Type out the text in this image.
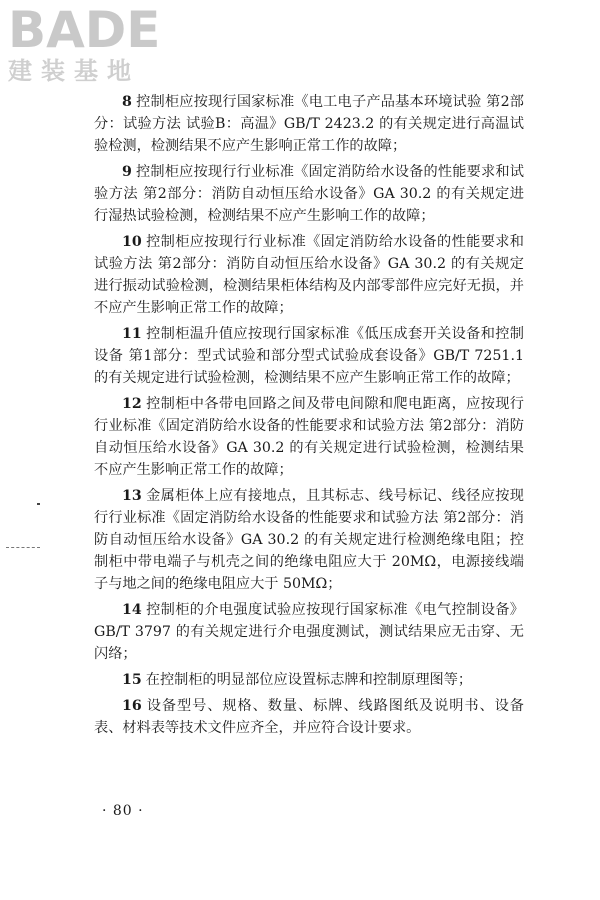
BADE
建装基地

8 控制柜应按现行国家标准《电工电子产品基本环境试验 第2部分：试验方法 试验B：高温》GB/T 2423.2 的有关规定进行高温试验检测，检测结果不应产生影响正常工作的故障；

9 控制柜应按现行行业标准《固定消防给水设备的性能要求和试验方法 第2部分：消防自动恒压给水设备》GA 30.2 的有关规定进行湿热试验检测，检测结果不应产生影响工作的故障；

10 控制柜应按现行行业标准《固定消防给水设备的性能要求和试验方法 第2部分：消防自动恒压给水设备》GA 30.2 的有关规定进行振动试验检测，检测结果柜体结构及内部零部件应完好无损，并不应产生影响正常工作的故障；

11 控制柜温升值应按现行国家标准《低压成套开关设备和控制设备 第1部分：型式试验和部分型式试验成套设备》GB/T 7251.1 的有关规定进行试验检测，检测结果不应产生影响正常工作的故障；

12 控制柜中各带电回路之间及带电间隙和爬电距离，应按现行行业标准《固定消防给水设备的性能要求和试验方法 第2部分：消防自动恒压给水设备》GA 30.2 的有关规定进行试验检测，检测结果不应产生影响正常工作的故障；

13 金属柜体上应有接地点，且其标志、线号标记、线径应按现行行业标准《固定消防给水设备的性能要求和试验方法 第2部分：消防自动恒压给水设备》GA 30.2 的有关规定进行检测绝缘电阻；控制柜中带电端子与机壳之间的绝缘电阻应大于 20MΩ，电源接线端子与地之间的绝缘电阻应大于 50MΩ；

14 控制柜的介电强度试验应按现行国家标准《电气控制设备》GB/T 3797 的有关规定进行介电强度测试，测试结果应无击穿、无闪络；

15 在控制柜的明显部位应设置标志牌和控制原理图等；

16 设备型号、规格、数量、标牌、线路图纸及说明书、设备表、材料表等技术文件应齐全，并应符合设计要求。

· 80 ·
